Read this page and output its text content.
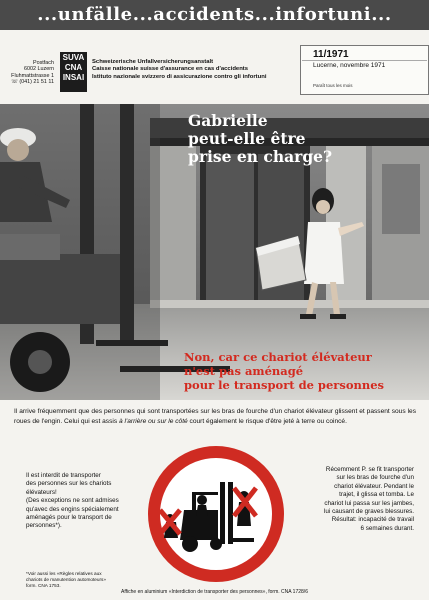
...unfälle...accidents...infortuni...
Postfach
6002 Luzern
Fluhmattstrasse 1
☏ (041) 21 51 11
SUVA
CNA
INSAI
Schweizerische Unfallversicherungsanstalt
Caisse nationale suisse d'assurance en cas d'accidents
Istituto nazionale svizzero di assicurazione contro gli infortuni
11/1971
Lucerne, novembre 1971
Paraît tous les mois
Gabrielle
peut-elle être
prise en charge?
Non, car ce chariot élévateur
n'est pas aménagé
pour le transport de personnes
Il arrive fréquemment que des personnes qui sont transportées sur les bras de fourche d'un chariot élévateur glissent et passent sous les roues de l'engin. Celui qui est assis à l'arrière ou sur le côté court également le risque d'être jeté à terre ou coincé.
Il est interdit de transporter
des personnes sur les chariots
élévateurs!
(Des exceptions ne sont admises
qu'avec des engins spécialement
aménagés pour le transport de
personnes*).
Récemment P. se fit transporter
sur les bras de fourche d'un
chariot élévateur. Pendant le
trajet, il glissa et tomba. Le
chariot lui passa sur les jambes,
lui causant de graves blessures.
Résultat: incapacité de travail
6 semaines durant.
*Voir aussi les «Règles relatives aux
chariots de manutention automoteurs»
form. CNA 1753.
Affiche en aluminium «Interdiction de transporter des personnes», form. CNA 1728/6
